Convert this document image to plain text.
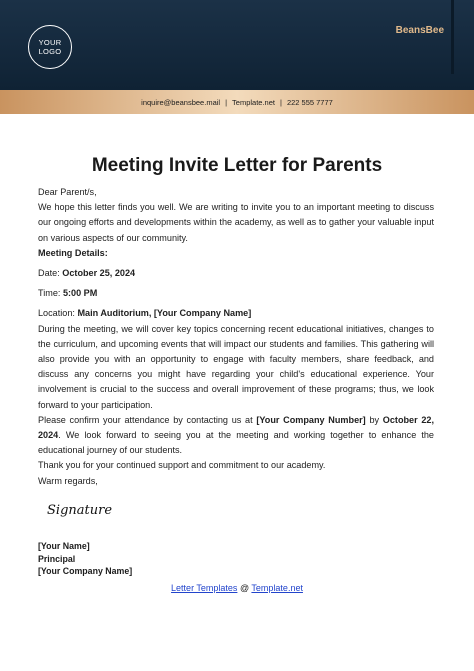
YOUR
LOGO
BeansBee
inquire@beansbee.mail | Template.net | 222 555 7777
Meeting Invite Letter for Parents

Dear Parent/s,

We hope this letter finds you well. We are writing to invite you to an important meeting to discuss our ongoing efforts and developments within the academy, as well as to gather your valuable input on various aspects of our community.

Meeting Details:

Date: October 25, 2024

Time: 5:00 PM

Location: Main Auditorium, [Your Company Name]

During the meeting, we will cover key topics concerning recent educational initiatives, changes to the curriculum, and upcoming events that will impact our students and families. This gathering will also provide you with an opportunity to engage with faculty members, share feedback, and discuss any concerns you might have regarding your child's educational experience. Your involvement is crucial to the success and overall improvement of these programs; thus, we look forward to your participation.

Please confirm your attendance by contacting us at [Your Company Number] by October 22, 2024. We look forward to seeing you at the meeting and working together to enhance the educational journey of our students.

Thank you for your continued support and commitment to our academy.

Warm regards,

Signature
[Your Name]
Principal
[Your Company Name]
Letter Templates @ Template.net
